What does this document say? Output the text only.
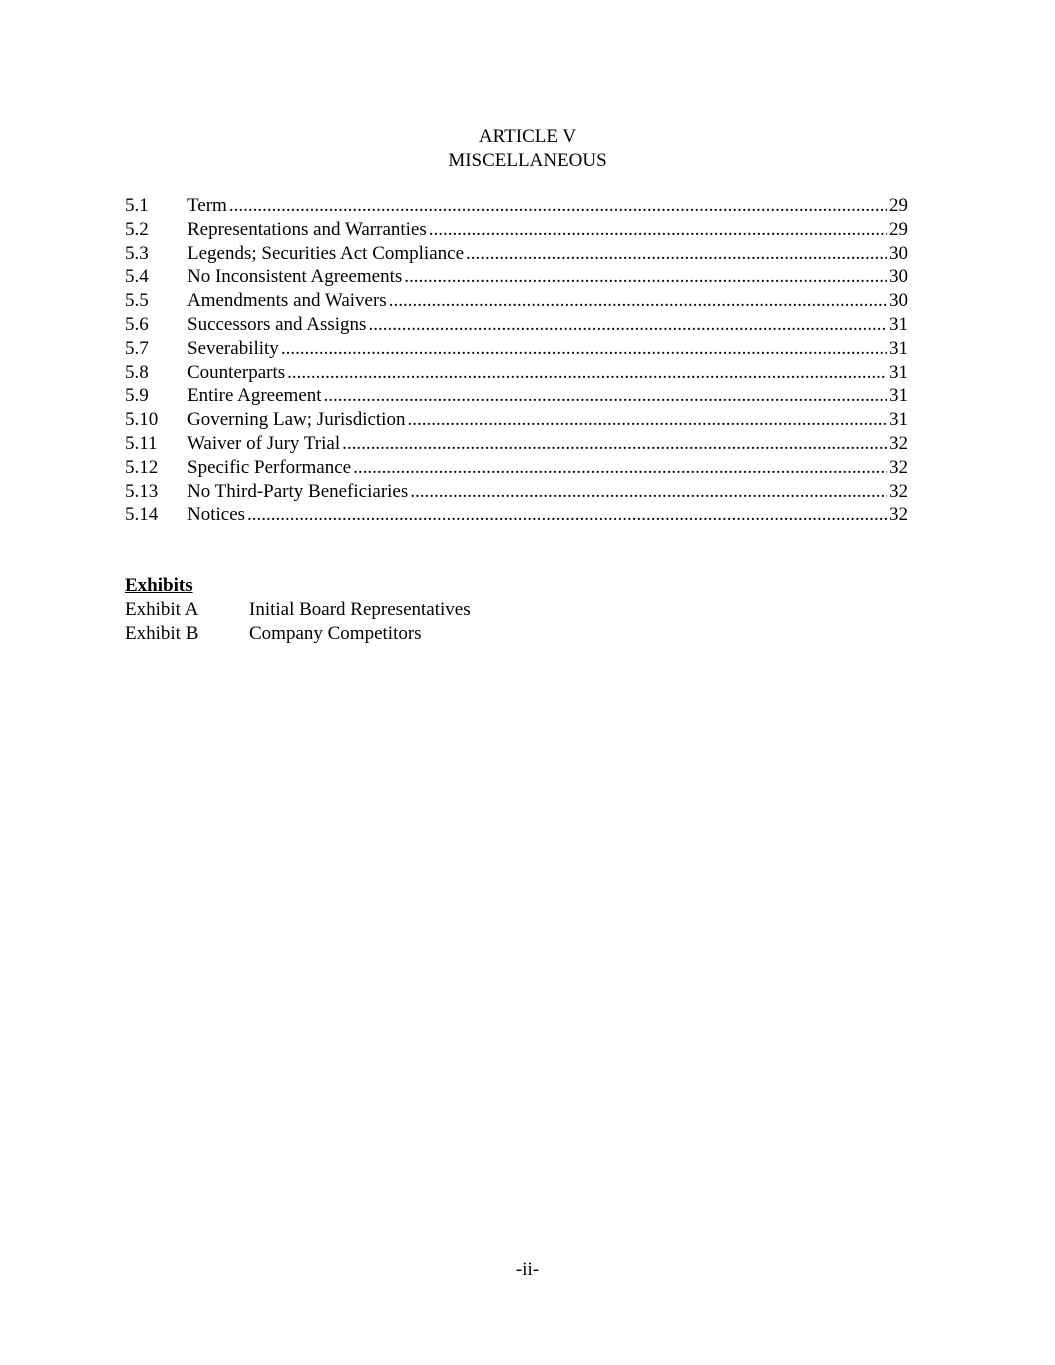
ARTICLE V
MISCELLANEOUS
5.1	Term .....	29
5.2	Representations and Warranties .....	29
5.3	Legends; Securities Act Compliance .....	30
5.4	No Inconsistent Agreements .....	30
5.5	Amendments and Waivers .....	30
5.6	Successors and Assigns .....	31
5.7	Severability .....	31
5.8	Counterparts .....	31
5.9	Entire Agreement .....	31
5.10	Governing Law; Jurisdiction .....	31
5.11	Waiver of Jury Trial .....	32
5.12	Specific Performance .....	32
5.13	No Third-Party Beneficiaries .....	32
5.14	Notices .....	32
Exhibits
Exhibit A	Initial Board Representatives
Exhibit B	Company Competitors
-ii-
